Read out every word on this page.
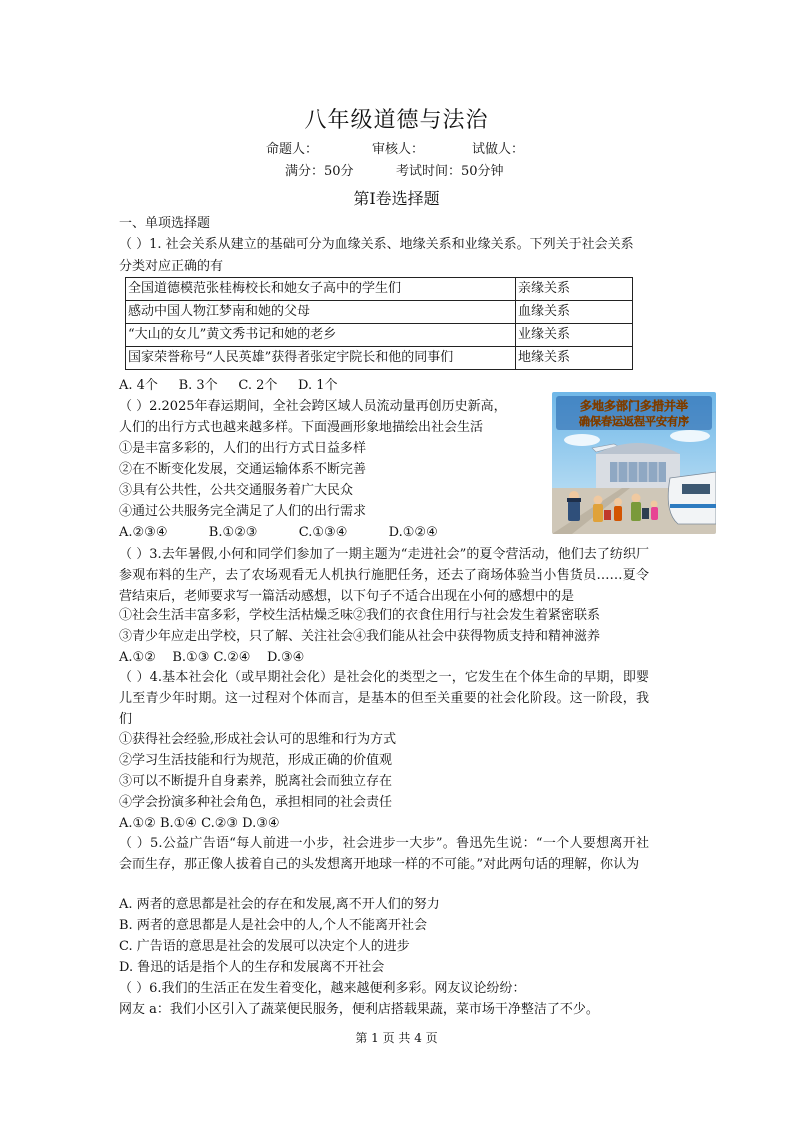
八年级道德与法治
命题人：	审核人：	试做人：
满分：50分	考试时间：50分钟
第Ⅰ卷选择题
一、单项选择题
（ ）1. 社会关系从建立的基础可分为血缘关系、地缘关系和业缘关系。下列关于社会关系
分类对应正确的有
全国道德模范张桂梅校长和她女子高中的学生们	亲缘关系
感动中国人物江梦南和她的父母	血缘关系
“大山的女儿”黄文秀书记和她的老乡	业缘关系
国家荣誉称号“人民英雄”获得者张定宇院长和他的同事们	地缘关系
A. 4个     B. 3个     C. 2个     D. 1个
（ ）2.2025年春运期间，全社会跨区域人员流动量再创历史新高，
人们的出行方式也越来越多样。下面漫画形象地描绘出社会生活
①是丰富多彩的，人们的出行方式日益多样
②在不断变化发展，交通运输体系不断完善
③具有公共性，公共交通服务着广大民众
④通过公共服务完全满足了人们的出行需求
A.②③④          B.①②③          C.①③④          D.①②④
多地多部门多措并举
确保春运返程平安有序
（ ）3.去年暑假,小何和同学们参加了一期主题为“走进社会”的夏令营活动，他们去了纺织厂参观布料的生产，去了农场观看无人机执行施肥任务，还去了商场体验当小售货员……夏令营结束后，老师要求写一篇活动感想，以下句子不适合出现在小何的感想中的是
①社会生活丰富多彩，学校生活枯燥乏味②我们的衣食住用行与社会发生着紧密联系
③青少年应走出学校，只了解、关注社会④我们能从社会中获得物质支持和精神滋养
A.①②    B.①③ C.②④    D.③④
（ ）4.基本社会化（或早期社会化）是社会化的类型之一，它发生在个体生命的早期，即婴儿至青少年时期。这一过程对个体而言，是基本的但至关重要的社会化阶段。这一阶段，我们
①获得社会经验,形成社会认可的思维和行为方式
②学习生活技能和行为规范，形成正确的价值观
③可以不断提升自身素养，脱离社会而独立存在
④学会扮演多种社会角色，承担相同的社会责任
A.①② B.①④ C.②③ D.③④
（ ）5.公益广告语“每人前进一小步，社会进步一大步”。鲁迅先生说：“一个人要想离开社会而生存，那正像人拔着自己的头发想离开地球一样的不可能。”对此两句话的理解，你认为
A. 两者的意思都是社会的存在和发展,离不开人们的努力
B. 两者的意思都是人是社会中的人,个人不能离开社会
C. 广告语的意思是社会的发展可以决定个人的进步
D. 鲁迅的话是指个人的生存和发展离不开社会
（ ）6.我们的生活正在发生着变化，越来越便利多彩。网友议论纷纷：
网友 a：我们小区引入了蔬菜便民服务，便利店搭载果蔬，菜市场干净整洁了不少。
第 1 页 共 4 页
